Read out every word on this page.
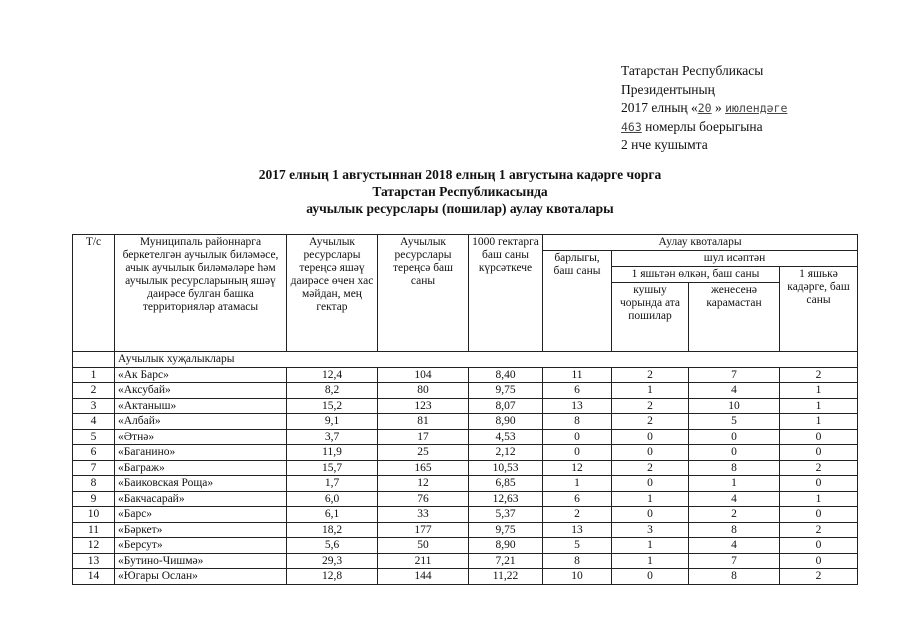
Татарстан Республикасы
Президентының
2017 елның «20 » июлендәге
463 номерлы боерыгына
2 нче кушымта
2017 елның 1 августыннан 2018 елның 1 августына кадәрге чорга
Татарстан Республикасында
аучылык ресурслары (пошилар) аулау квоталары
Т/с	Муниципаль районнарга беркетелгән аучылык биләмәсе, ачык аучылык биләмәләре һәм аучылык ресурсларының яшәү даирәсе булган башка территорияләр атамасы	Аучылык ресурслары тереңсә яшәү даирәсе өчен хас мәйдан, мең гектар	Аучылык ресурслары тереңсә баш саны	1000 гектарга баш саны күрсәткече	Аулау квоталары			
					барлыгы, баш саны	шул исәптән		
						1 яшьтән өлкән, баш саны		1 яшькә кадәрге, баш саны
						кушыу чорында ата пошилар	женесенә карамастан	
	Аучылык хуҗалыклары							
1	«Ак Барс»	12,4	104	8,40	11	2	7	2
2	«Аксубай»	8,2	80	9,75	6	1	4	1
3	«Актаныш»	15,2	123	8,07	13	2	10	1
4	«Албай»	9,1	81	8,90	8	2	5	1
5	«Әтнә»	3,7	17	4,53	0	0	0	0
6	«Баганино»	11,9	25	2,12	0	0	0	0
7	«Баграж»	15,7	165	10,53	12	2	8	2
8	«Баиковская Роща»	1,7	12	6,85	1	0	1	0
9	«Бакчасарай»	6,0	76	12,63	6	1	4	1
10	«Барс»	6,1	33	5,37	2	0	2	0
11	«Бәркет»	18,2	177	9,75	13	3	8	2
12	«Берсут»	5,6	50	8,90	5	1	4	0
13	«Бутино-Чишмә»	29,3	211	7,21	8	1	7	0
14	«Югары Ослан»	12,8	144	11,22	10	0	8	2
